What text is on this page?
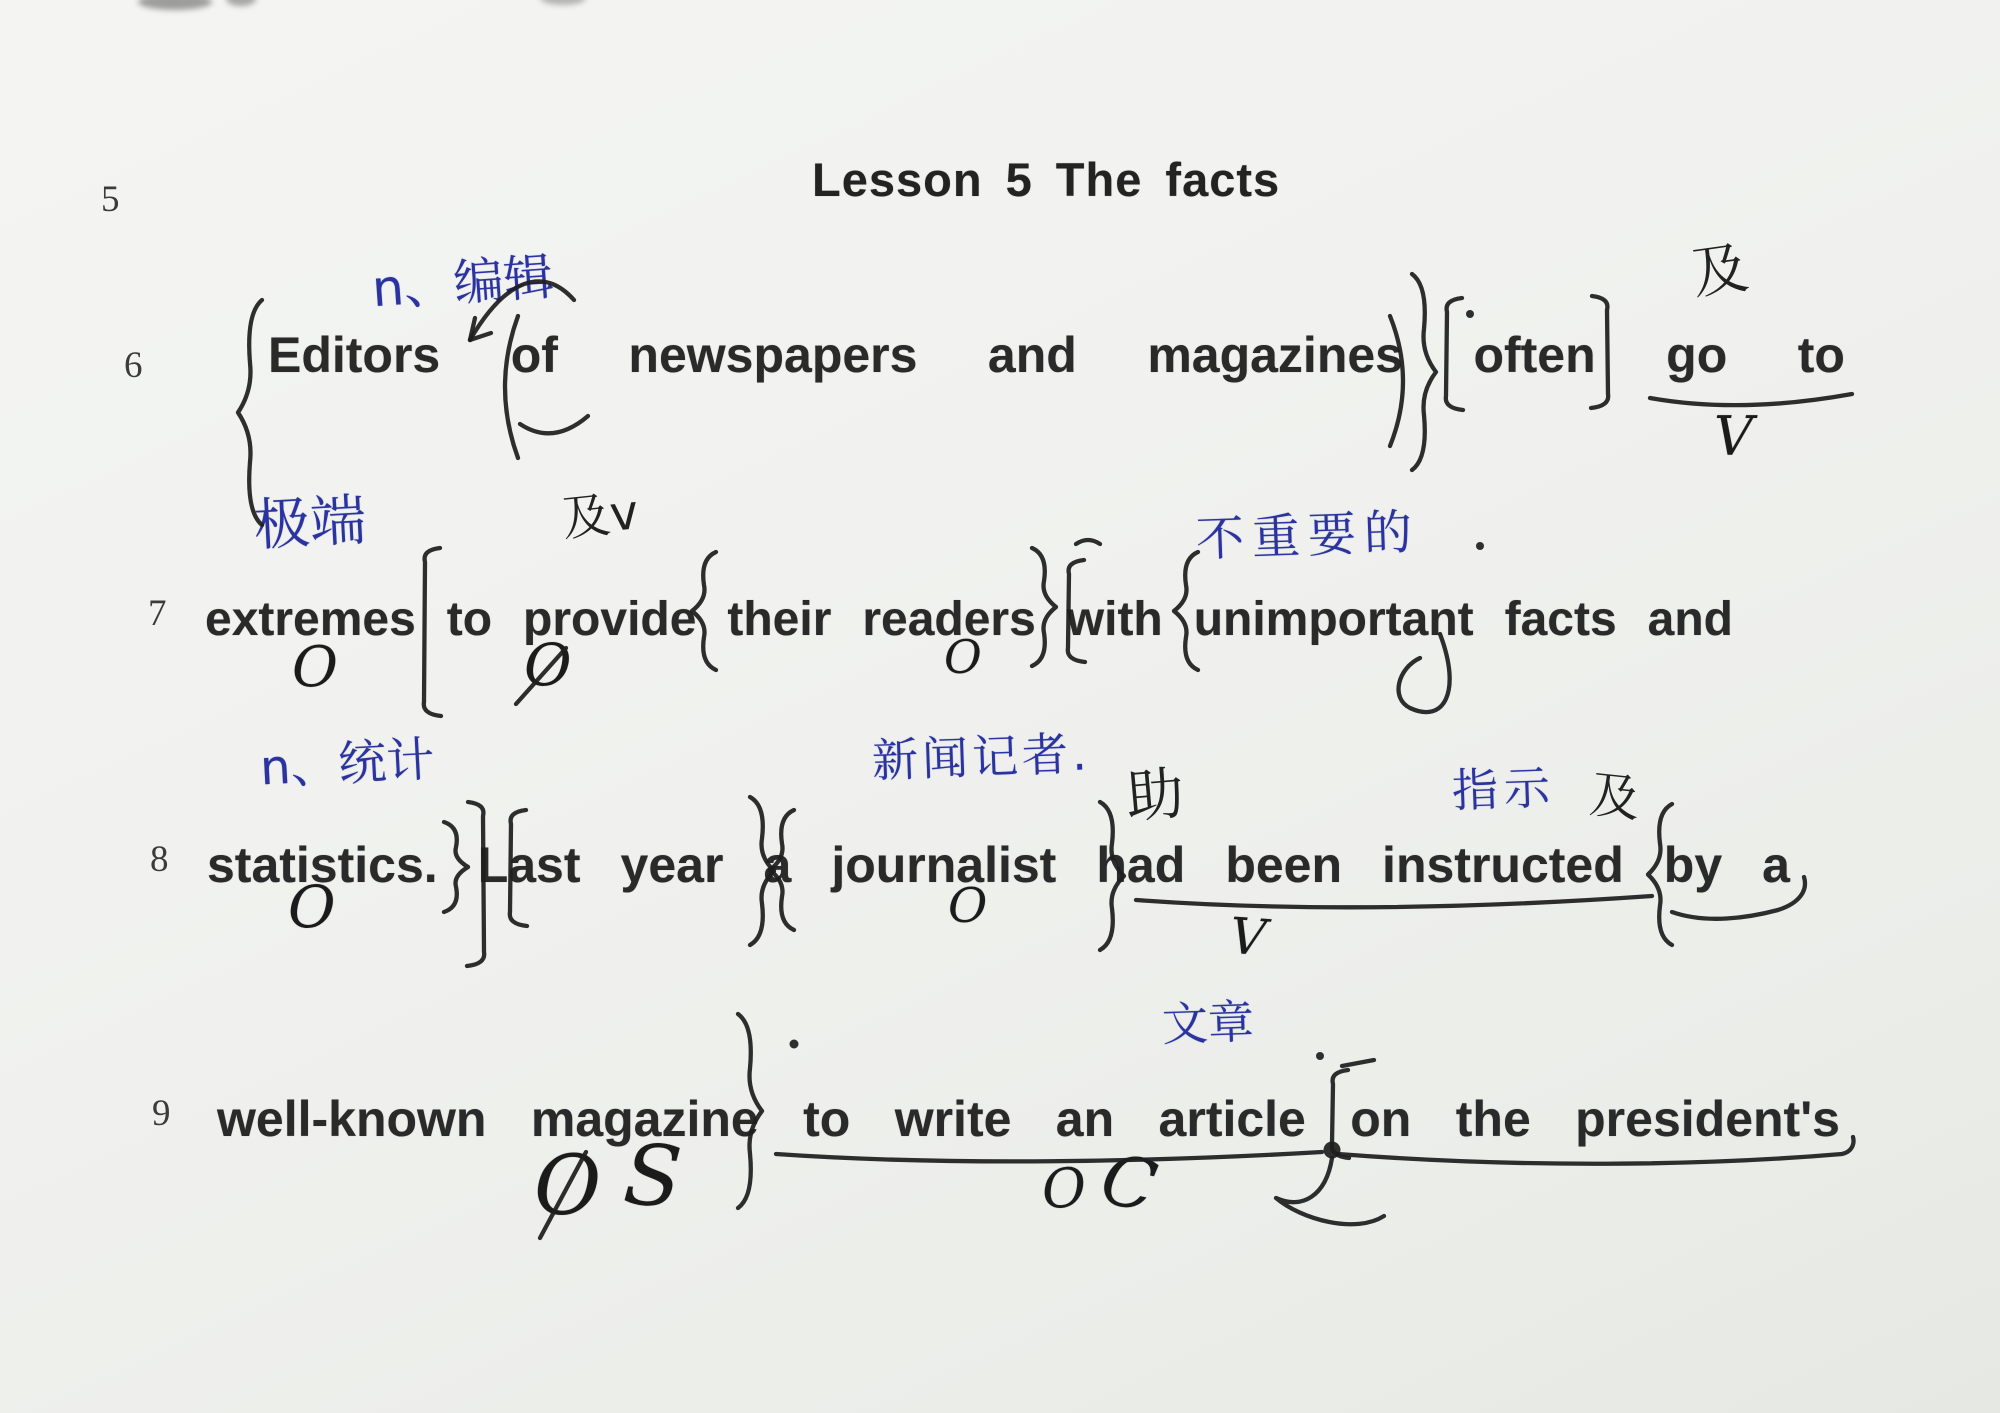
Lesson 5 The facts
5
6
7
8
9
Editors of newspapers and magazines often go to
extremes to provide their readers with unimportant facts and
statistics. Last year a journalist had been instructed by a
well-known magazine to write an article on the president's
n、编辑
极端	不重要的
n、统计	新闻记者.
指示
文章
及
及v
及
助
V
O	O	O
O	O
V
O S	O C
